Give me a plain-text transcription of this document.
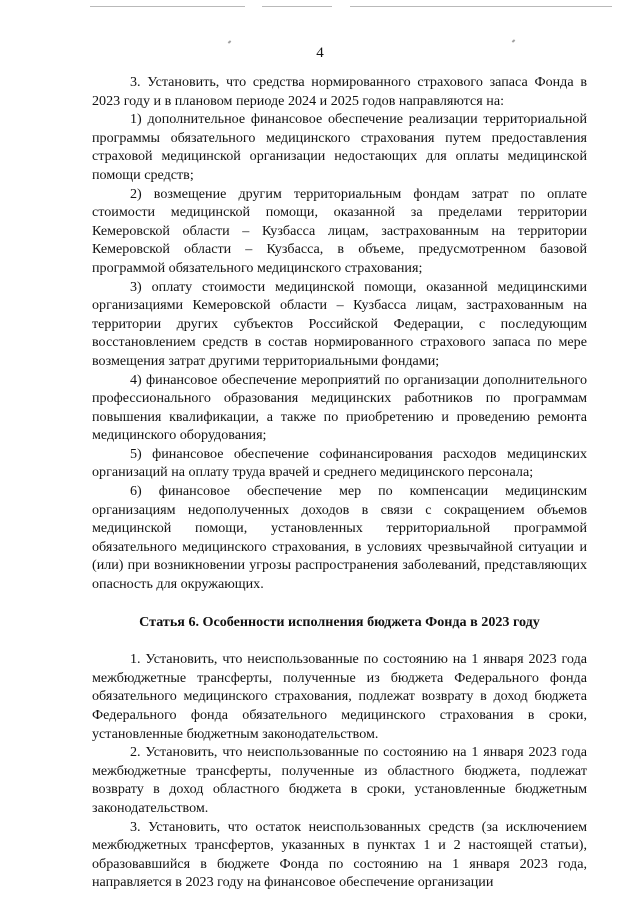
4

3. Установить, что средства нормированного страхового запаса Фонда в 2023 году и в плановом периоде 2024 и 2025 годов направляются на:

1) дополнительное финансовое обеспечение реализации территориальной программы обязательного медицинского страхования путем предоставления страховой медицинской организации недостающих для оплаты медицинской помощи средств;

2) возмещение другим территориальным фондам затрат по оплате стоимости медицинской помощи, оказанной за пределами территории Кемеровской области – Кузбасса лицам, застрахованным на территории Кемеровской области – Кузбасса, в объеме, предусмотренном базовой программой обязательного медицинского страхования;

3) оплату стоимости медицинской помощи, оказанной медицинскими организациями Кемеровской области – Кузбасса лицам, застрахованным на территории других субъектов Российской Федерации, с последующим восстановлением средств в состав нормированного страхового запаса по мере возмещения затрат другими территориальными фондами;

4) финансовое обеспечение мероприятий по организации дополнительного профессионального образования медицинских работников по программам повышения квалификации, а также по приобретению и проведению ремонта медицинского оборудования;

5) финансовое обеспечение софинансирования расходов медицинских организаций на оплату труда врачей и среднего медицинского персонала;

6) финансовое обеспечение мер по компенсации медицинским организациям недополученных доходов в связи с сокращением объемов медицинской помощи, установленных территориальной программой обязательного медицинского страхования, в условиях чрезвычайной ситуации и (или) при возникновении угрозы распространения заболеваний, представляющих опасность для окружающих.

Статья 6. Особенности исполнения бюджета Фонда в 2023 году

1. Установить, что неиспользованные по состоянию на 1 января 2023 года межбюджетные трансферты, полученные из бюджета Федерального фонда обязательного медицинского страхования, подлежат возврату в доход бюджета Федерального фонда обязательного медицинского страхования в сроки, установленные бюджетным законодательством.

2. Установить, что неиспользованные по состоянию на 1 января 2023 года межбюджетные трансферты, полученные из областного бюджета, подлежат возврату в доход областного бюджета в сроки, установленные бюджетным законодательством.

3. Установить, что остаток неиспользованных средств (за исключением межбюджетных трансфертов, указанных в пунктах 1 и 2 настоящей статьи), образовавшийся в бюджете Фонда по состоянию на 1 января 2023 года, направляется в 2023 году на финансовое обеспечение организации
